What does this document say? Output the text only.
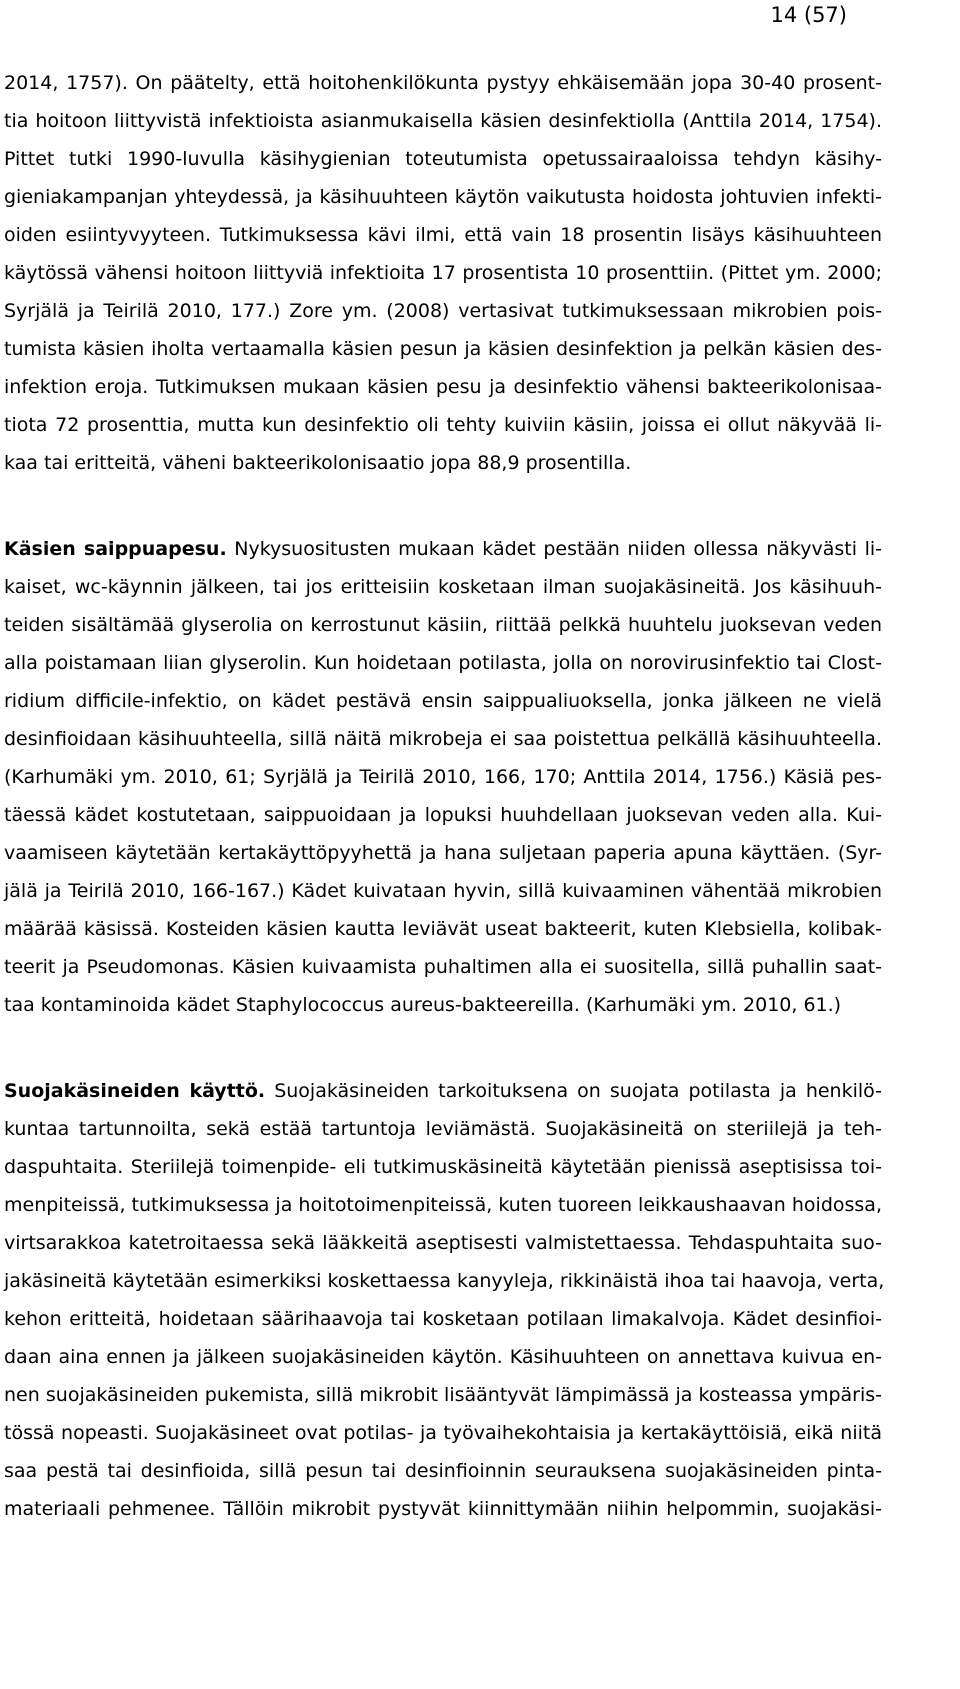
14 (57)
2014, 1757). On päätelty, että hoitohenkilökunta pystyy ehkäisemään jopa 30-40 prosent-
tia hoitoon liittyvistä infektioista asianmukaisella käsien desinfektiolla (Anttila 2014, 1754).
Pittet tutki 1990-luvulla käsihygienian toteutumista opetussairaaloissa tehdyn käsihy-
gieniakampanjan yhteydessä, ja käsihuuhteen käytön vaikutusta hoidosta johtuvien infekti-
oiden esiintyvyyteen. Tutkimuksessa kävi ilmi, että vain 18 prosentin lisäys käsihuuhteen
käytössä vähensi hoitoon liittyviä infektioita 17 prosentista 10 prosenttiin. (Pittet ym. 2000;
Syrjälä ja Teirilä 2010, 177.) Zore ym. (2008) vertasivat tutkimuksessaan mikrobien pois-
tumista käsien iholta vertaamalla käsien pesun ja käsien desinfektion ja pelkän käsien des-
infektion eroja. Tutkimuksen mukaan käsien pesu ja desinfektio vähensi bakteerikolonisaa-
tiota 72 prosenttia, mutta kun desinfektio oli tehty kuiviin käsiin, joissa ei ollut näkyvää li-
kaa tai eritteitä, väheni bakteerikolonisaatio jopa 88,9 prosentilla.
Käsien saippuapesu. Nykysuositusten mukaan kädet pestään niiden ollessa näkyvästi li-
kaiset, wc-käynnin jälkeen, tai jos eritteisiin kosketaan ilman suojakäsineitä. Jos käsihuuh-
teiden sisältämää glyserolia on kerrostunut käsiin, riittää pelkkä huuhtelu juoksevan veden
alla poistamaan liian glyserolin. Kun hoidetaan potilasta, jolla on norovirusinfektio tai Clost-
ridium difficile-infektio, on kädet pestävä ensin saippualiuoksella, jonka jälkeen ne vielä
desinfioidaan käsihuuhteella, sillä näitä mikrobeja ei saa poistettua pelkällä käsihuuhteella.
(Karhumäki ym. 2010, 61; Syrjälä ja Teirilä 2010, 166, 170; Anttila 2014, 1756.) Käsiä pes-
täessä kädet kostutetaan, saippuoidaan ja lopuksi huuhdellaan juoksevan veden alla. Kui-
vaamiseen käytetään kertakäyttöpyyhettä ja hana suljetaan paperia apuna käyttäen. (Syr-
jälä ja Teirilä 2010, 166-167.) Kädet kuivataan hyvin, sillä kuivaaminen vähentää mikrobien
määrää käsissä. Kosteiden käsien kautta leviävät useat bakteerit, kuten Klebsiella, kolibak-
teerit ja Pseudomonas. Käsien kuivaamista puhaltimen alla ei suositella, sillä puhallin saat-
taa kontaminoida kädet Staphylococcus aureus-bakteereilla. (Karhumäki ym. 2010, 61.)
Suojakäsineiden käyttö. Suojakäsineiden tarkoituksena on suojata potilasta ja henkilö-
kuntaa tartunnoilta, sekä estää tartuntoja leviämästä. Suojakäsineitä on steriilejä ja teh-
daspuhtaita. Steriilejä toimenpide- eli tutkimuskäsineitä käytetään pienissä aseptisissa toi-
menpiteissä, tutkimuksessa ja hoitotoimenpiteissä, kuten tuoreen leikkaushaavan hoidossa,
virtsarakkoa katetroitaessa sekä lääkkeitä aseptisesti valmistettaessa. Tehdaspuhtaita suo-
jakäsineitä käytetään esimerkiksi koskettaessa kanyyleja, rikkinäistä ihoa tai haavoja, verta,
kehon eritteitä, hoidetaan säärihaavoja tai kosketaan potilaan limakalvoja. Kädet desinfioi-
daan aina ennen ja jälkeen suojakäsineiden käytön. Käsihuuhteen on annettava kuivua en-
nen suojakäsineiden pukemista, sillä mikrobit lisääntyvät lämpimässä ja kosteassa ympäris-
tössä nopeasti. Suojakäsineet ovat potilas- ja työvaihekohtaisia ja kertakäyttöisiä, eikä niitä
saa pestä tai desinfioida, sillä pesun tai desinfioinnin seurauksena suojakäsineiden pinta-
materiaali pehmenee. Tällöin mikrobit pystyvät kiinnittymään niihin helpommin, suojakäsi-
